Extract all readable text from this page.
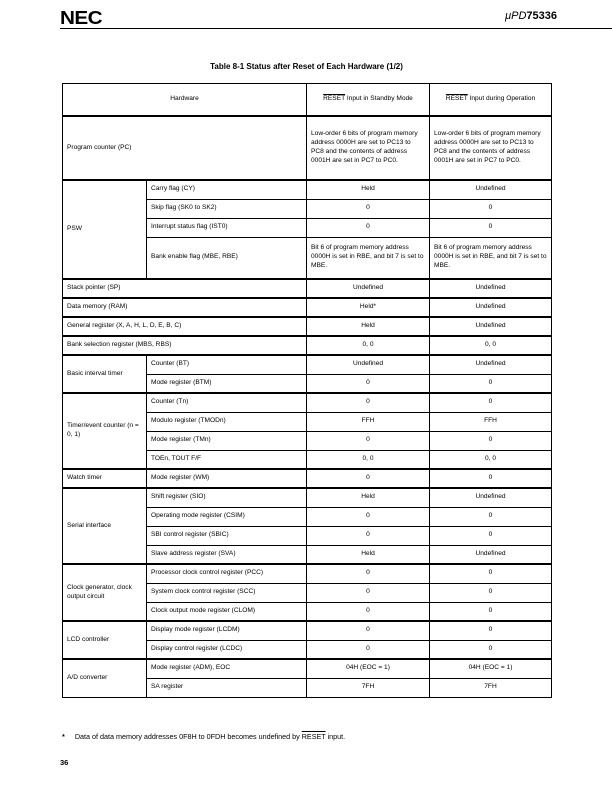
NEC	μPD75336
Table 8-1 Status after Reset of Each Hardware (1/2)
Hardware		RESET Input in Standby Mode	RESET Input during Operation
Program counter (PC)		Low-order 6 bits of program memory address 0000H are set to PC13 to PC8 and the contents of address 0001H are set in PC7 to PC0.	Low-order 6 bits of program memory address 0000H are set to PC13 to PC8 and the contents of address 0001H are set in PC7 to PC0.
PSW	Carry flag (CY)	Held	Undefined
	Skip flag (SK0 to SK2)	0	0
	Interrupt status flag (IST0)	0	0
	Bank enable flag (MBE, RBE)	Bit 6 of program memory address 0000H is set in RBE, and bit 7 is set to MBE.	Bit 6 of program memory address 0000H is set in RBE, and bit 7 is set to MBE.
Stack pointer (SP)		Undefined	Undefined
Data memory (RAM)		Held*	Undefined
General register (X, A, H, L, D, E, B, C)		Held	Undefined
Bank selection register (MBS, RBS)		0, 0	0, 0
Basic interval timer	Counter (BT)	Undefined	Undefined
	Mode register (BTM)	0	0
Timer/event counter (n = 0, 1)	Counter (Tn)	0	0
	Modulo register (TMODn)	FFH	FFH
	Mode register (TMn)	0	0
	TOEn, TOUT F/F	0, 0	0, 0
Watch timer	Mode register (WM)	0	0
Serial interface	Shift register (SIO)	Held	Undefined
	Operating mode register (CSIM)	0	0
	SBI control register (SBIC)	0	0
	Slave address register (SVA)	Held	Undefined
Clock generator, clock output circuit	Processor clock control register (PCC)	0	0
	System clock control register (SCC)	0	0
	Clock output mode register (CLOM)	0	0
LCD controller	Display mode register (LCDM)	0	0
	Display control register (LCDC)	0	0
A/D converter	Mode register (ADM), EOC	04H (EOC = 1)	04H (EOC = 1)
	SA register	7FH	7FH
* Data of data memory addresses 0F8H to 0FDH becomes undefined by RESET input.
36
